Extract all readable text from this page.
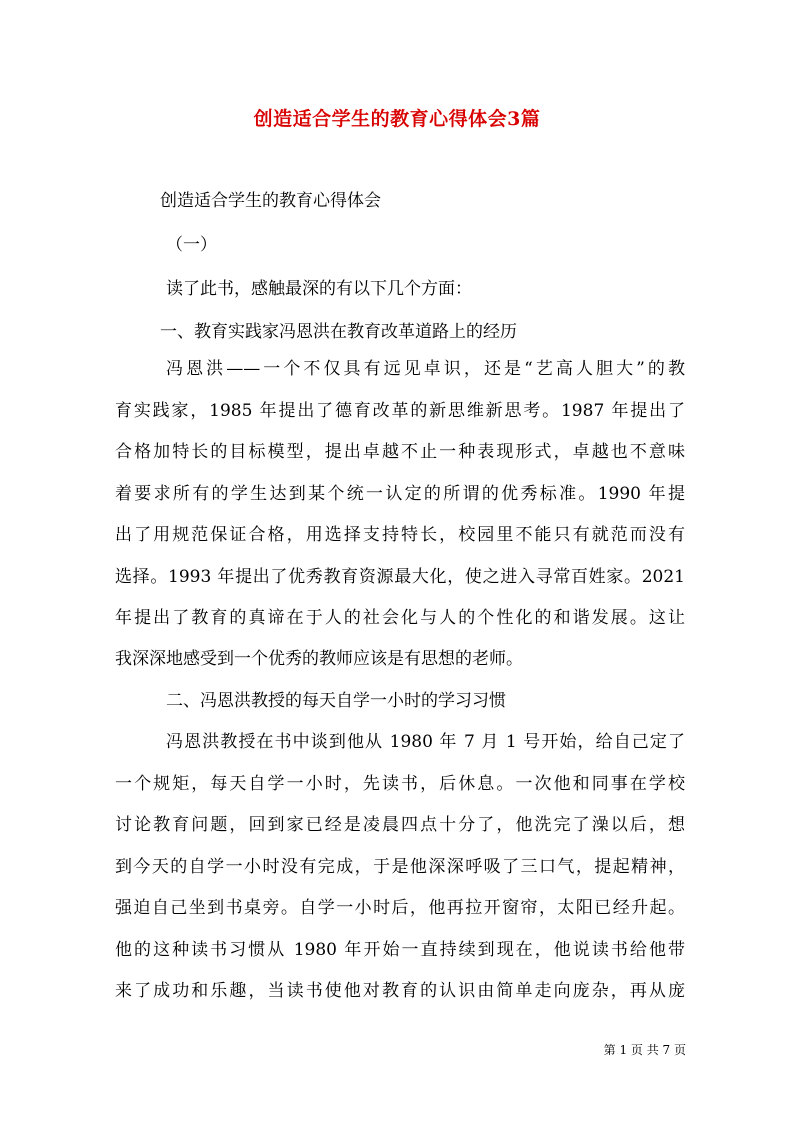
创造适合学生的教育心得体会3篇
创造适合学生的教育心得体会
（一）
读了此书，感触最深的有以下几个方面：
一、教育实践家冯恩洪在教育改革道路上的经历
冯恩洪——一个不仅具有远见卓识，还是“艺高人胆大”的教
育实践家，1985 年提出了德育改革的新思维新思考。1987 年提出了
合格加特长的目标模型，提出卓越不止一种表现形式，卓越也不意味
着要求所有的学生达到某个统一认定的所谓的优秀标准。1990 年提
出了用规范保证合格，用选择支持特长，校园里不能只有就范而没有
选择。1993 年提出了优秀教育资源最大化，使之进入寻常百姓家。2021
年提出了教育的真谛在于人的社会化与人的个性化的和谐发展。这让
我深深地感受到一个优秀的教师应该是有思想的老师。
二、冯恩洪教授的每天自学一小时的学习习惯
冯恩洪教授在书中谈到他从 1980 年 7 月 1 号开始，给自己定了
一个规矩，每天自学一小时，先读书，后休息。一次他和同事在学校
讨论教育问题，回到家已经是凌晨四点十分了，他洗完了澡以后，想
到今天的自学一小时没有完成，于是他深深呼吸了三口气，提起精神，
强迫自己坐到书桌旁。自学一小时后，他再拉开窗帘，太阳已经升起。
他的这种读书习惯从 1980 年开始一直持续到现在，他说读书给他带
来了成功和乐趣，当读书使他对教育的认识由简单走向庞杂，再从庞
第 1 页 共 7 页
